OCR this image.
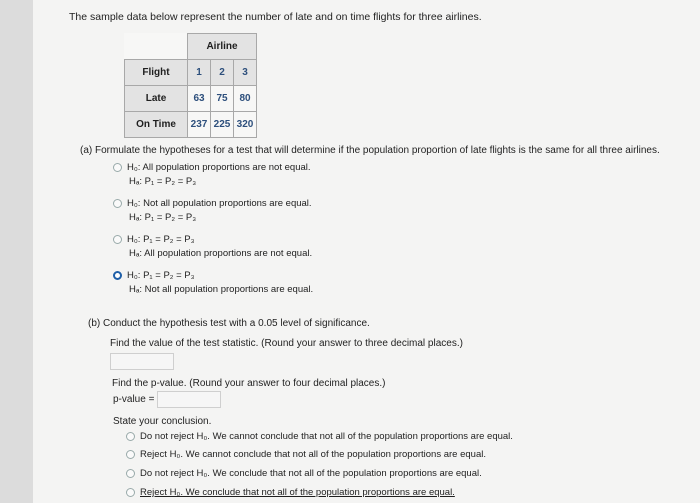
The sample data below represent the number of late and on time flights for three airlines.
	Airline		
Flight	1	2	3
Late	63	75	80
On Time	237	225	320
(a) Formulate the hypotheses for a test that will determine if the population proportion of late flights is the same for all three airlines.
H₀: All population proportions are not equal.
Hₐ: P₁ = P₂ = P₃
H₀: Not all population proportions are equal.
Hₐ: P₁ = P₂ = P₃
H₀: P₁ = P₂ = P₃
Hₐ: All population proportions are not equal.
H₀: P₁ = P₂ = P₃
Hₐ: Not all population proportions are equal.
(b) Conduct the hypothesis test with a 0.05 level of significance.
Find the value of the test statistic. (Round your answer to three decimal places.)
Find the p-value. (Round your answer to four decimal places.)
p-value =
State your conclusion.
Do not reject H₀. We cannot conclude that not all of the population proportions are equal.
Reject H₀. We cannot conclude that not all of the population proportions are equal.
Do not reject H₀. We conclude that not all of the population proportions are equal.
Reject H₀. We conclude that not all of the population proportions are equal.
